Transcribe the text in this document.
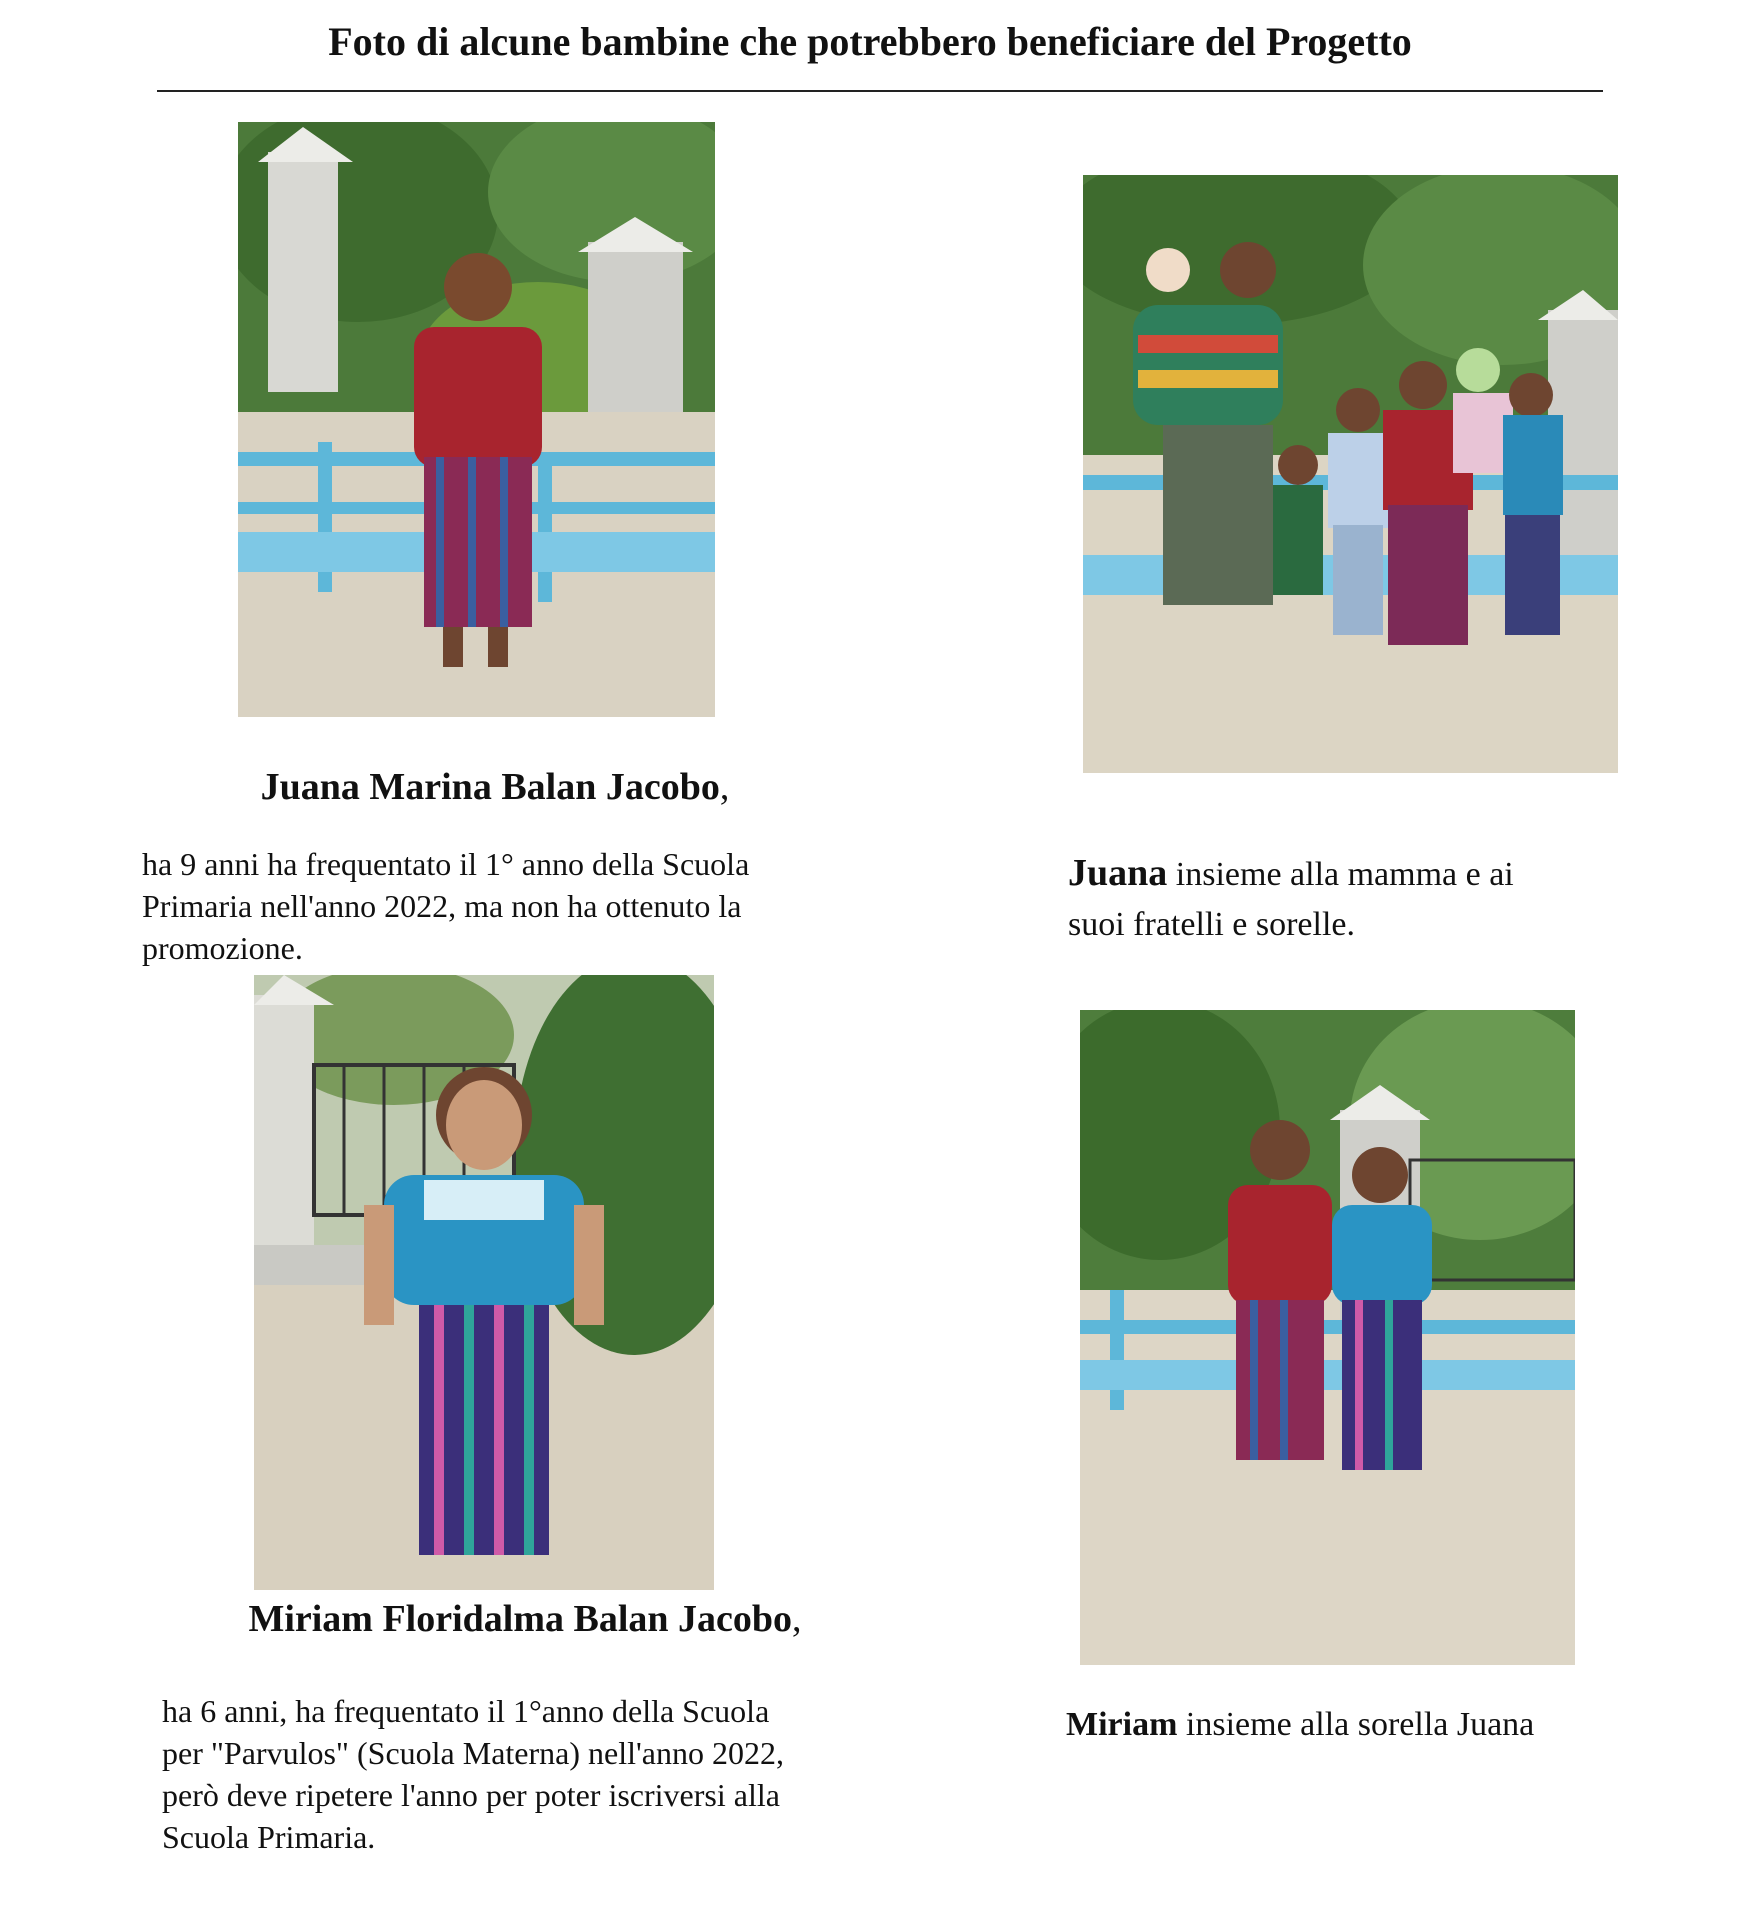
Foto di alcune bambine che potrebbero beneficiare del Progetto
Juana Marina Balan Jacobo,
ha 9 anni ha frequentato il 1° anno della Scuola
Primaria nell'anno 2022, ma non ha ottenuto la
promozione.
Juana insieme alla mamma e ai
suoi fratelli e sorelle.
Miriam Floridalma Balan Jacobo,
ha 6 anni, ha frequentato il 1°anno della Scuola
per "Parvulos" (Scuola Materna) nell'anno 2022,
però deve ripetere l'anno per poter iscriversi alla
Scuola Primaria.
Miriam insieme alla sorella Juana
